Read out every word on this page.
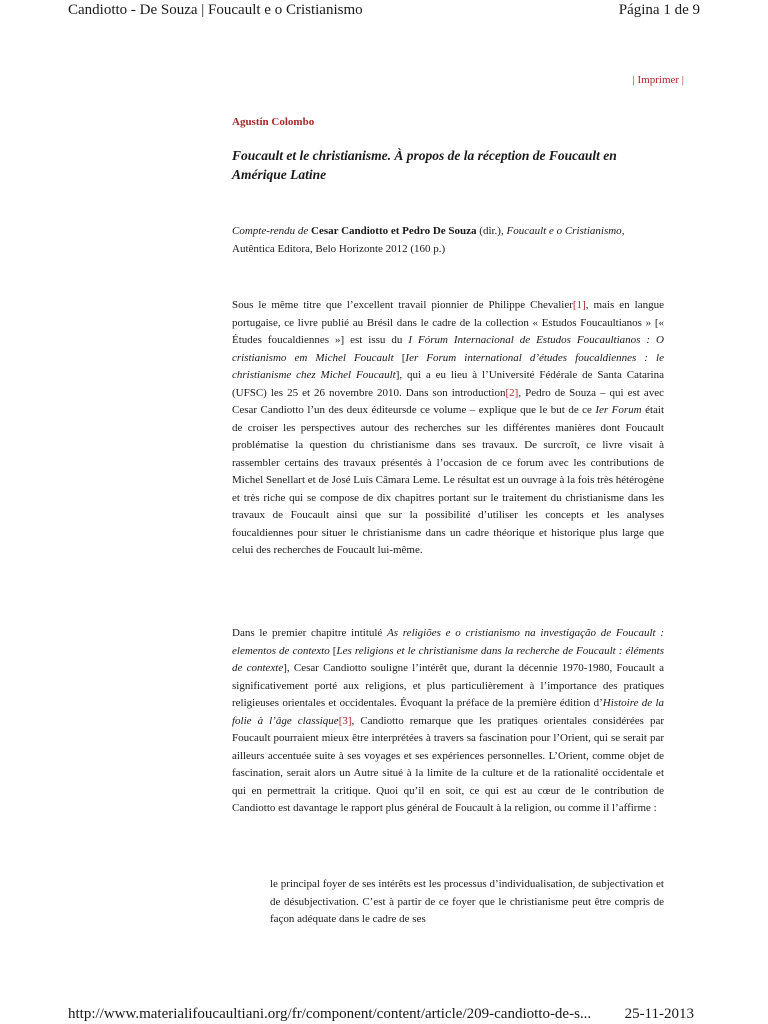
Candiotto - De Souza | Foucault e o Cristianismo	Página 1 de 9
| Imprimer |
Agustín Colombo
Foucault et le christianisme. À propos de la réception de Foucault en Amérique Latine
Compte-rendu de Cesar Candiotto et Pedro De Souza (dir.), Foucault e o Cristianismo, Autêntica Editora, Belo Horizonte 2012 (160 p.)
Sous le même titre que l’excellent travail pionnier de Philippe Chevalier[1], mais en langue portugaise, ce livre publié au Brésil dans le cadre de la collection « Estudos Foucaultianos » [« Études foucaldiennes »] est issu du I Fórum Internacional de Estudos Foucaultianos : O cristianismo em Michel Foucault [Ier Forum international d’études foucaldiennes : le christianisme chez Michel Foucault], qui a eu lieu à l’Université Fédérale de Santa Catarina (UFSC) les 25 et 26 novembre 2010. Dans son introduction[2], Pedro de Souza – qui est avec Cesar Candiotto l’un des deux éditeursde ce volume – explique que le but de ce Ier Forum était de croiser les perspectives autour des recherches sur les différentes manières dont Foucault problématise la question du christianisme dans ses travaux. De surcroît, ce livre visait à rassembler certains des travaux présentés à l’occasion de ce forum avec les contributions de Michel Senellart et de José Luís Câmara Leme. Le résultat est un ouvrage à la fois très hétérogène et très riche qui se compose de dix chapitres portant sur le traitement du christianisme dans les travaux de Foucault ainsi que sur la possibilité d’utiliser les concepts et les analyses foucaldiennes pour situer le christianisme dans un cadre théorique et historique plus large que celui des recherches de Foucault lui-même.
Dans le premier chapitre intitulé As religiões e o cristianismo na investigação de Foucault : elementos de contexto [Les religions et le christianisme dans la recherche de Foucault : éléments de contexte], Cesar Candiotto souligne l’intérêt que, durant la décennie 1970-1980, Foucault a significativement porté aux religions, et plus particulièrement à l’importance des pratiques religieuses orientales et occidentales. Évoquant la préface de la première édition d’Histoire de la folie à l’âge classique[3], Candiotto remarque que les pratiques orientales considérées par Foucault pourraient mieux être interprétées à travers sa fascination pour l’Orient, qui se serait par ailleurs accentuée suite à ses voyages et ses expériences personnelles. L’Orient, comme objet de fascination, serait alors un Autre situé à la limite de la culture et de la rationalité occidentale et qui en permettrait la critique. Quoi qu’il en soit, ce qui est au cœur de le contribution de Candiotto est davantage le rapport plus général de Foucault à la religion, ou comme il l’affirme :
le principal foyer de ses intérêts est les processus d’individualisation, de subjectivation et de désubjectivation. C’est à partir de ce foyer que le christianisme peut être compris de façon adéquate dans le cadre de ses
http://www.materialifoucaultiani.org/fr/component/content/article/209-candiotto-de-s... 25-11-2013
